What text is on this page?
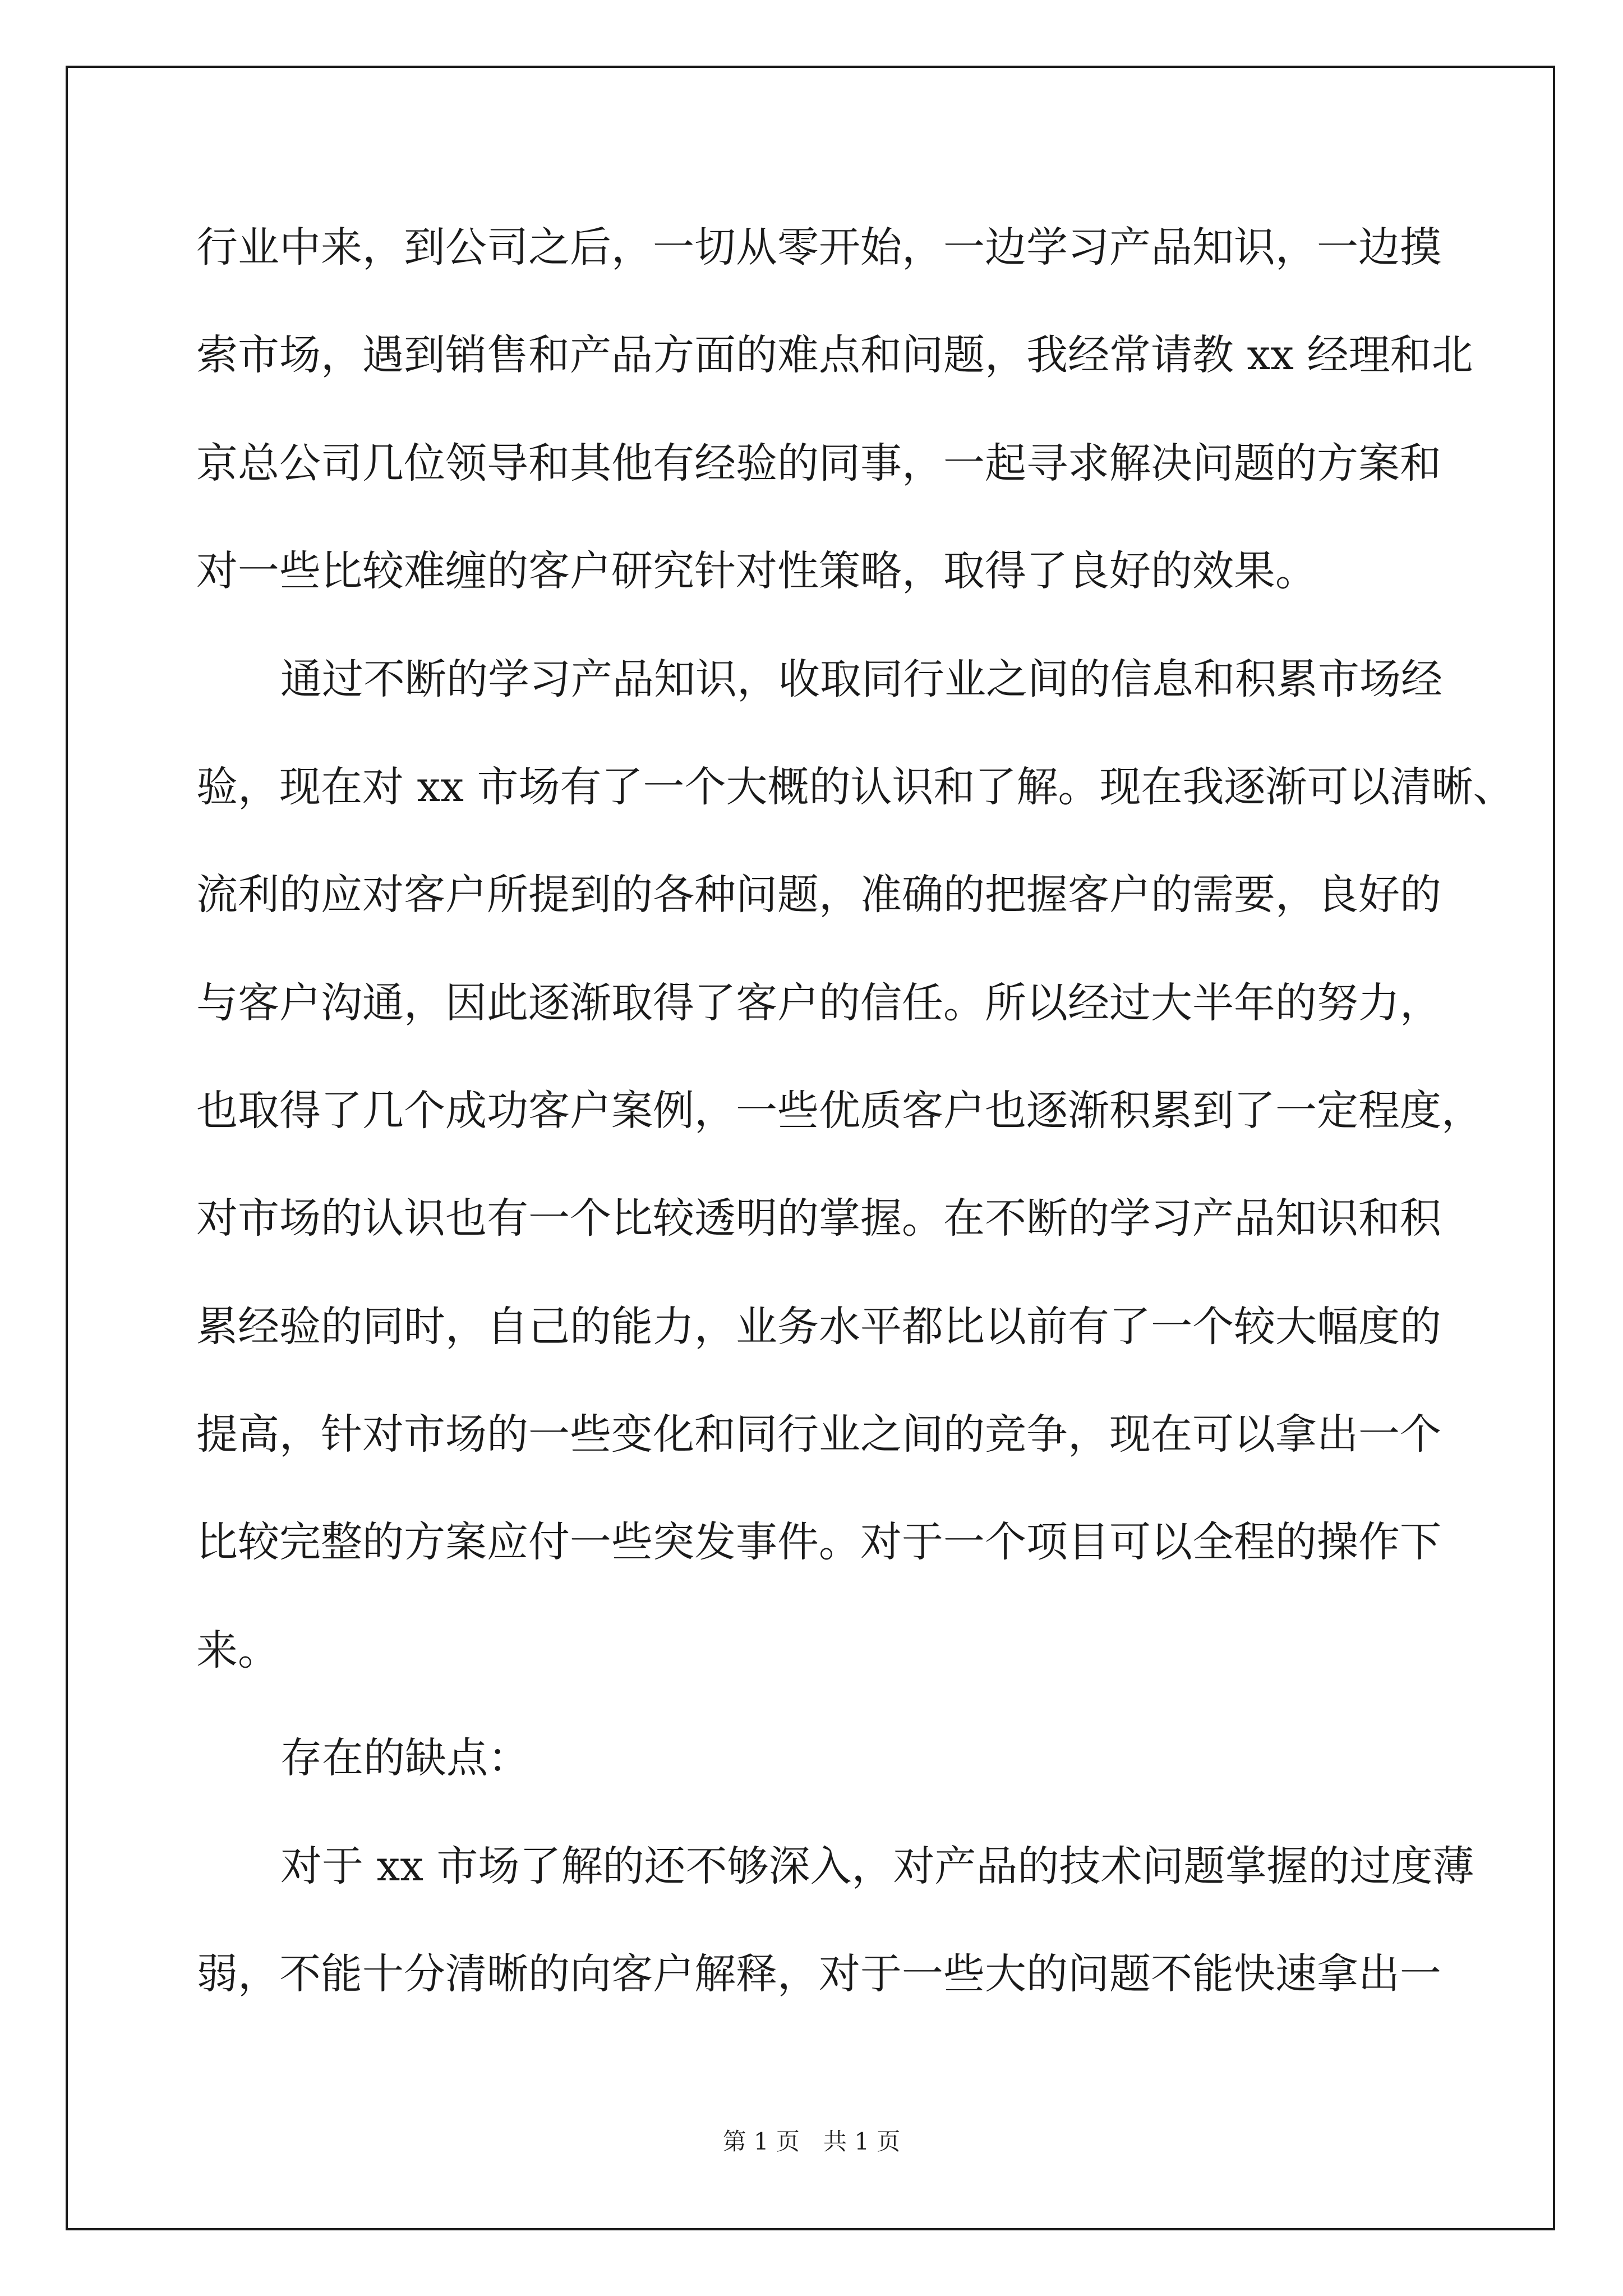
行业中来，到公司之后，一切从零开始，一边学习产品知识，一边摸

索市场，遇到销售和产品方面的难点和问题，我经常请教 xx 经理和北

京总公司几位领导和其他有经验的同事，一起寻求解决问题的方案和

对一些比较难缠的客户研究针对性策略，取得了良好的效果。

通过不断的学习产品知识，收取同行业之间的信息和积累市场经

验，现在对 xx 市场有了一个大概的认识和了解。现在我逐渐可以清晰、

流利的应对客户所提到的各种问题，准确的把握客户的需要，良好的

与客户沟通，因此逐渐取得了客户的信任。所以经过大半年的努力，

也取得了几个成功客户案例，一些优质客户也逐渐积累到了一定程度，

对市场的认识也有一个比较透明的掌握。在不断的学习产品知识和积

累经验的同时，自己的能力，业务水平都比以前有了一个较大幅度的

提高，针对市场的一些变化和同行业之间的竞争，现在可以拿出一个

比较完整的方案应付一些突发事件。对于一个项目可以全程的操作下

来。

存在的缺点：

对于 xx 市场了解的还不够深入，对产品的技术问题掌握的过度薄

弱，不能十分清晰的向客户解释，对于一些大的问题不能快速拿出一

第 1 页　共 1 页
